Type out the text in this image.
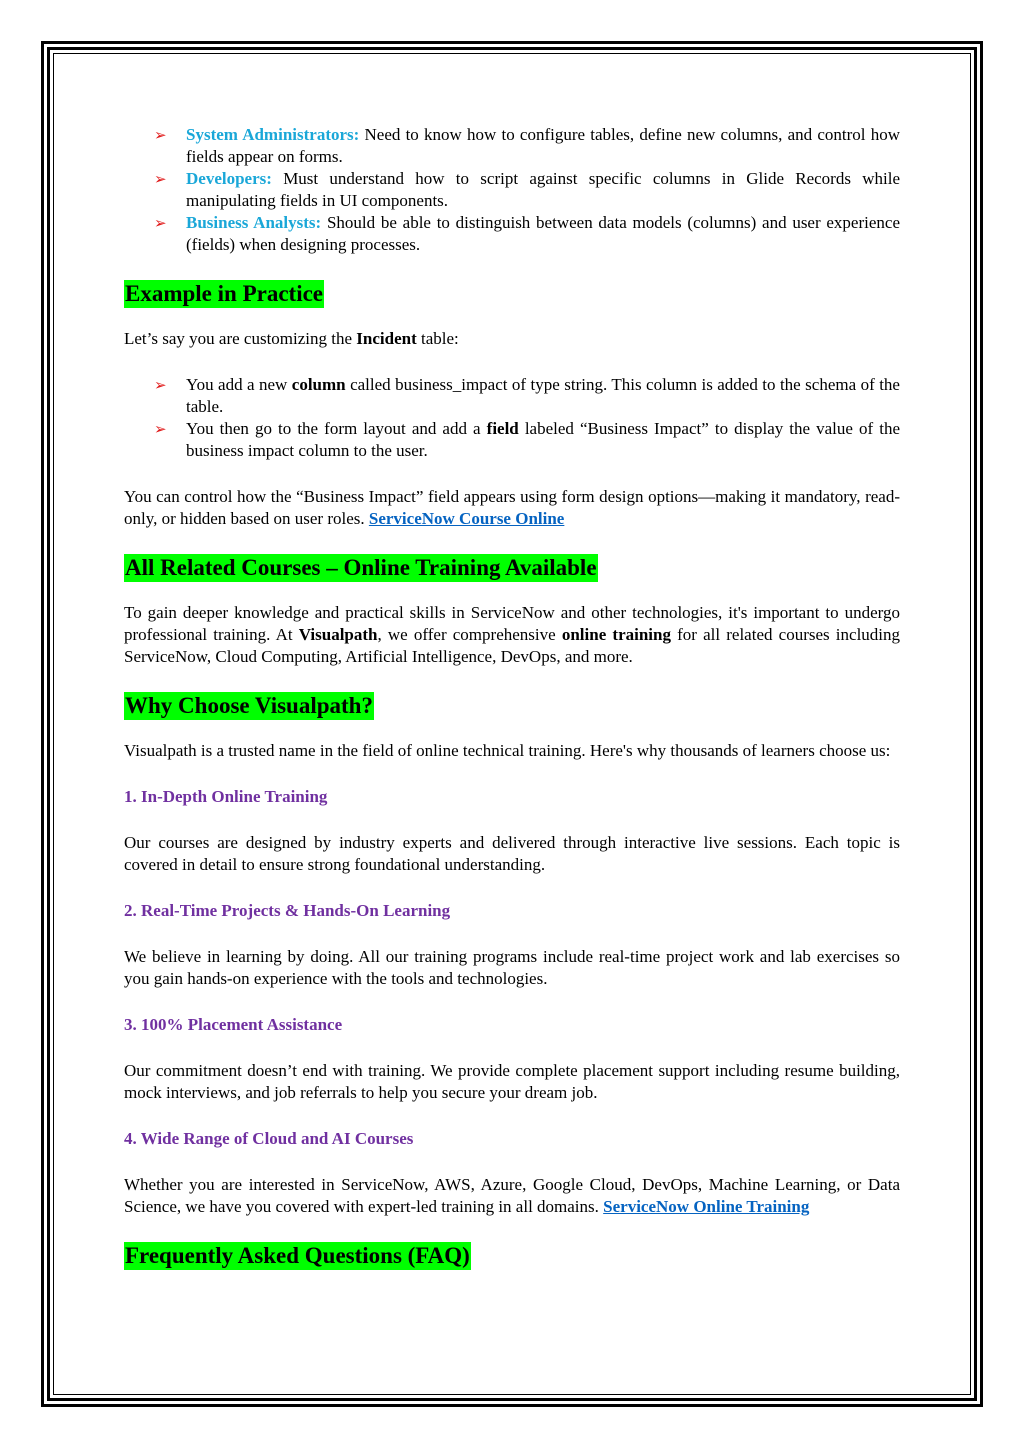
➢ System Administrators: Need to know how to configure tables, define new columns, and control how fields appear on forms.
➢ Developers: Must understand how to script against specific columns in Glide Records while manipulating fields in UI components.
➢ Business Analysts: Should be able to distinguish between data models (columns) and user experience (fields) when designing processes.
Example in Practice

Let’s say you are customizing the Incident table:

➢ You add a new column called business_impact of type string. This column is added to the schema of the table.
➢ You then go to the form layout and add a field labeled “Business Impact” to display the value of the business impact column to the user.

You can control how the “Business Impact” field appears using form design options—making it mandatory, read-only, or hidden based on user roles. ServiceNow Course Online

All Related Courses – Online Training Available

To gain deeper knowledge and practical skills in ServiceNow and other technologies, it's important to undergo professional training. At Visualpath, we offer comprehensive online training for all related courses including ServiceNow, Cloud Computing, Artificial Intelligence, DevOps, and more.

Why Choose Visualpath?

Visualpath is a trusted name in the field of online technical training. Here's why thousands of learners choose us:

1. In-Depth Online Training

Our courses are designed by industry experts and delivered through interactive live sessions. Each topic is covered in detail to ensure strong foundational understanding.

2. Real-Time Projects & Hands-On Learning

We believe in learning by doing. All our training programs include real-time project work and lab exercises so you gain hands-on experience with the tools and technologies.

3. 100% Placement Assistance

Our commitment doesn’t end with training. We provide complete placement support including resume building, mock interviews, and job referrals to help you secure your dream job.

4. Wide Range of Cloud and AI Courses

Whether you are interested in ServiceNow, AWS, Azure, Google Cloud, DevOps, Machine Learning, or Data Science, we have you covered with expert-led training in all domains. ServiceNow Online Training

Frequently Asked Questions (FAQ)
